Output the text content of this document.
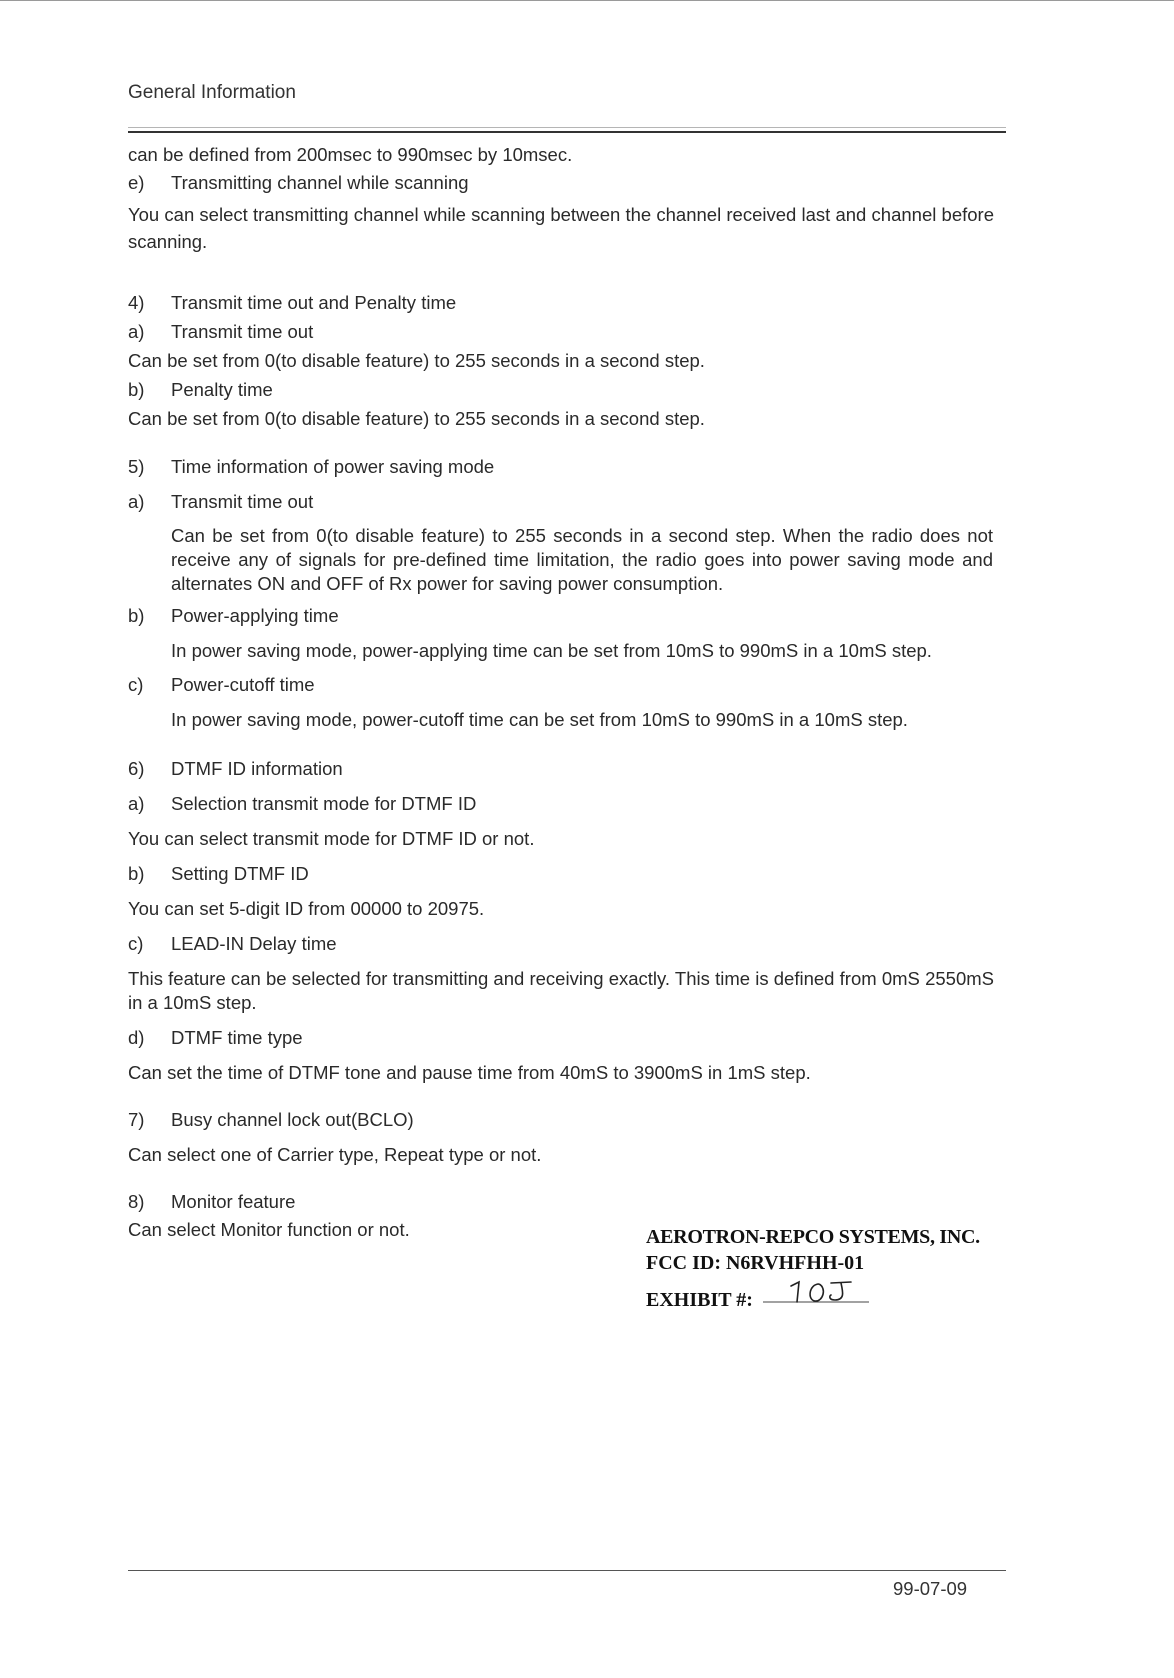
General Information
can be defined from 200msec to 990msec by 10msec.
e) Transmitting channel while scanning
You can select transmitting channel while scanning between the channel received last and channel before scanning.
4) Transmit time out and Penalty time
a) Transmit time out
Can be set from 0(to disable feature) to 255 seconds in a second step.
b) Penalty time
Can be set from 0(to disable feature) to 255 seconds in a second step.
5) Time information of power saving mode
a) Transmit time out
Can be set from 0(to disable feature) to 255 seconds in a second step. When the radio does not receive any of signals for pre-defined time limitation, the radio goes into power saving mode and alternates ON and OFF of Rx power for saving power consumption.
b) Power-applying time
In power saving mode, power-applying time can be set from 10mS to 990mS in a 10mS step.
c) Power-cutoff time
In power saving mode, power-cutoff time can be set from 10mS to 990mS in a 10mS step.
6) DTMF ID information
a) Selection transmit mode for DTMF ID
You can select transmit mode for DTMF ID or not.
b) Setting DTMF ID
You can set 5-digit ID from 00000 to 20975.
c) LEAD-IN Delay time
This feature can be selected for transmitting and receiving exactly. This time is defined from 0mS 2550mS in a 10mS step.
d) DTMF time type
Can set the time of DTMF tone and pause time from 40mS to 3900mS in 1mS step.
7) Busy channel lock out(BCLO)
Can select one of Carrier type, Repeat type or not.
8) Monitor feature
Can select Monitor function or not.	AEROTRON-REPCO SYSTEMS, INC.
FCC ID: N6RVHFHH-01
EXHIBIT #:
99-07-09
